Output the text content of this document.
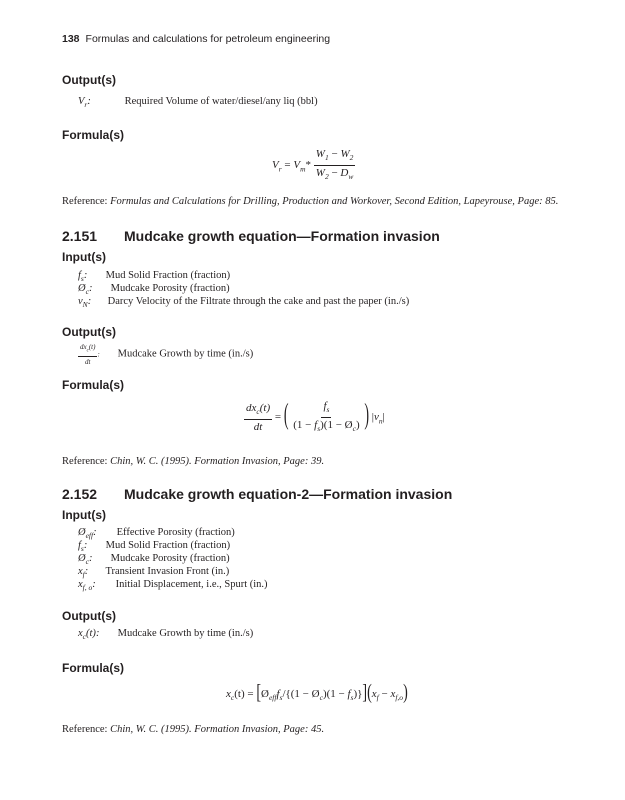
138 Formulas and calculations for petroleum engineering
Output(s)
$V_r$:	Required Volume of water/diesel/any liq (bbl)
Formula(s)
$V_r = V_m* \frac{W_1 - W_2}{W_2 - D_w}$
Reference: Formulas and Calculations for Drilling, Production and Workover, Second Edition, Lapeyrouse, Page: 85.
2.151 Mudcake growth equation—Formation invasion
Input(s)
$f_s$: Mud Solid Fraction (fraction)
$Ø_c$: Mudcake Porosity (fraction)
$v_N$: Darcy Velocity of the Filtrate through the cake and past the paper (in./s)
Output(s)
$\frac{dx_c(t)}{dt}$ : Mudcake Growth by time (in./s)
Formula(s)
$\frac{dx_c(t)}{dt}$ = ( $\frac{f_s}{(1 - f_s)(1 - Ø_c)}$ ) $|v_n|$
Reference: Chin, W. C. (1995). Formation Invasion, Page: 39.
2.152 Mudcake growth equation-2—Formation invasion
Input(s)
$Ø_{eff}$: Effective Porosity (fraction)
$f_s$: Mud Solid Fraction (fraction)
$Ø_c$: Mudcake Porosity (fraction)
$x_f$: Transient Invasion Front (in.)
$x_{f, o}$: Initial Displacement, i.e., Spurt (in.)
Output(s)
$x_c(t)$: Mudcake Growth by time (in./s)
Formula(s)
$x_c(t)$ = [$Ø_{eff}f_s/\{(1$ − $Ø_c)(1 - f_s)\}](x_f - x_{f,o})$
Reference: Chin, W. C. (1995). Formation Invasion, Page: 45.
